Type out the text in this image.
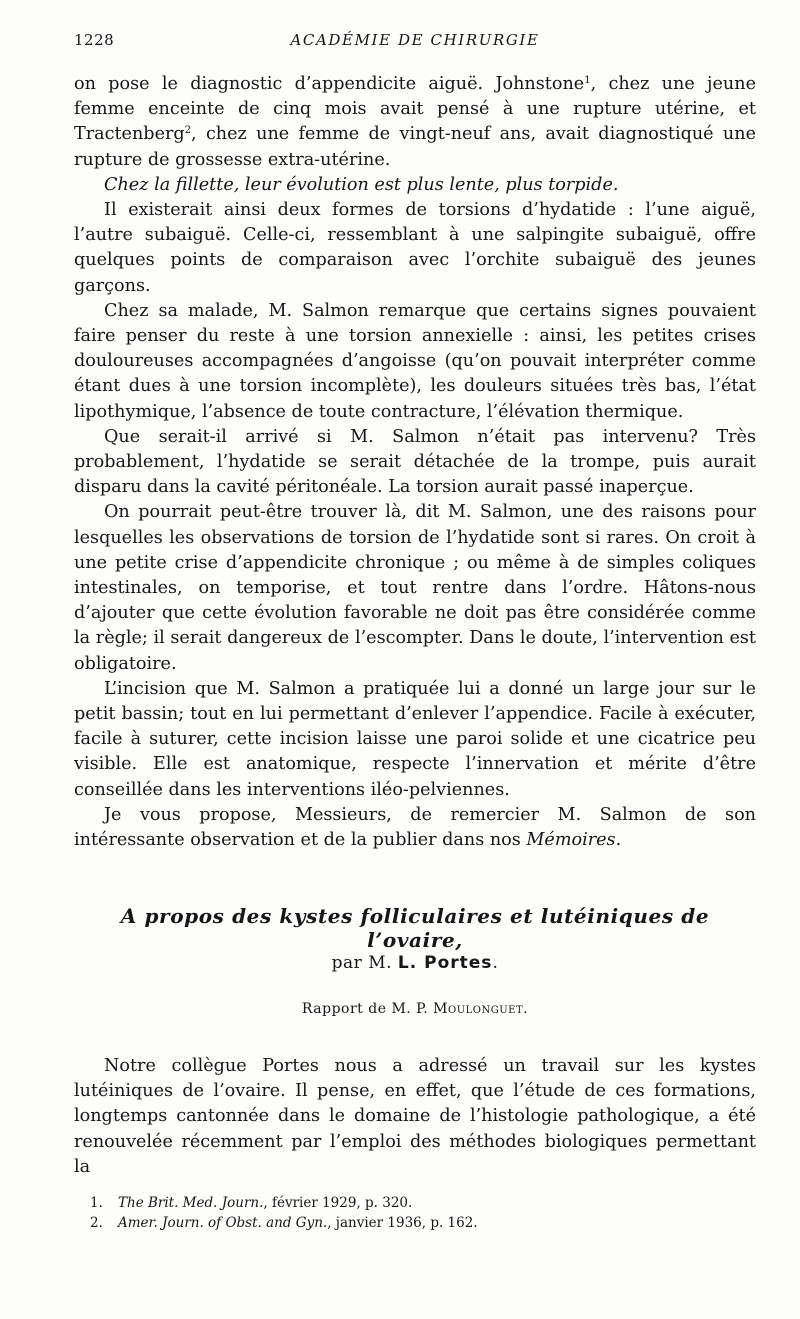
1228	ACADÉMIE DE CHIRURGIE

on pose le diagnostic d’appendicite aiguë. Johnstone$^1$, chez une jeune femme enceinte de cinq mois avait pensé à une rupture utérine, et Tractenberg$^2$, chez une femme de vingt-neuf ans, avait diagnostiqué une rupture de grossesse extra-utérine.

Chez la fillette, leur évolution est plus lente, plus torpide.

Il existerait ainsi deux formes de torsions d’hydatide : l’une aiguë, l’autre subaiguë. Celle-ci, ressemblant à une salpingite subaiguë, offre quelques points de comparaison avec l’orchite subaiguë des jeunes garçons.

Chez sa malade, M. Salmon remarque que certains signes pouvaient faire penser du reste à une torsion annexielle : ainsi, les petites crises douloureuses accompagnées d’angoisse (qu’on pouvait interpréter comme étant dues à une torsion incomplète), les douleurs situées très bas, l’état lipothymique, l’absence de toute contracture, l’élévation thermique.

Que serait-il arrivé si M. Salmon n’était pas intervenu? Très probablement, l’hydatide se serait détachée de la trompe, puis aurait disparu dans la cavité péritonéale. La torsion aurait passé inaperçue.

On pourrait peut-être trouver là, dit M. Salmon, une des raisons pour lesquelles les observations de torsion de l’hydatide sont si rares. On croit à une petite crise d’appendicite chronique ; ou même à de simples coliques intestinales, on temporise, et tout rentre dans l’ordre. Hâtons-nous d’ajouter que cette évolution favorable ne doit pas être considérée comme la règle; il serait dangereux de l’escompter. Dans le doute, l’intervention est obligatoire.

L’incision que M. Salmon a pratiquée lui a donné un large jour sur le petit bassin; tout en lui permettant d’enlever l’appendice. Facile à exécuter, facile à suturer, cette incision laisse une paroi solide et une cicatrice peu visible. Elle est anatomique, respecte l’innervation et mérite d’être conseillée dans les interventions iléo-pelviennes.

Je vous propose, Messieurs, de remercier M. Salmon de son intéressante observation et de la publier dans nos Mémoires.

A propos des kystes folliculaires et lutéiniques de l’ovaire,
par M. L. Portes.
Rapport de M. P. Moulonguet.

Notre collègue Portes nous a adressé un travail sur les kystes lutéiniques de l’ovaire. Il pense, en effet, que l’étude de ces formations, longtemps cantonnée dans le domaine de l’histologie pathologique, a été renouvelée récemment par l’emploi des méthodes biologiques permettant la

1. The Brit. Med. Journ., février 1929, p. 320.

2. Amer. Journ. of Obst. and Gyn., janvier 1936, p. 162.
